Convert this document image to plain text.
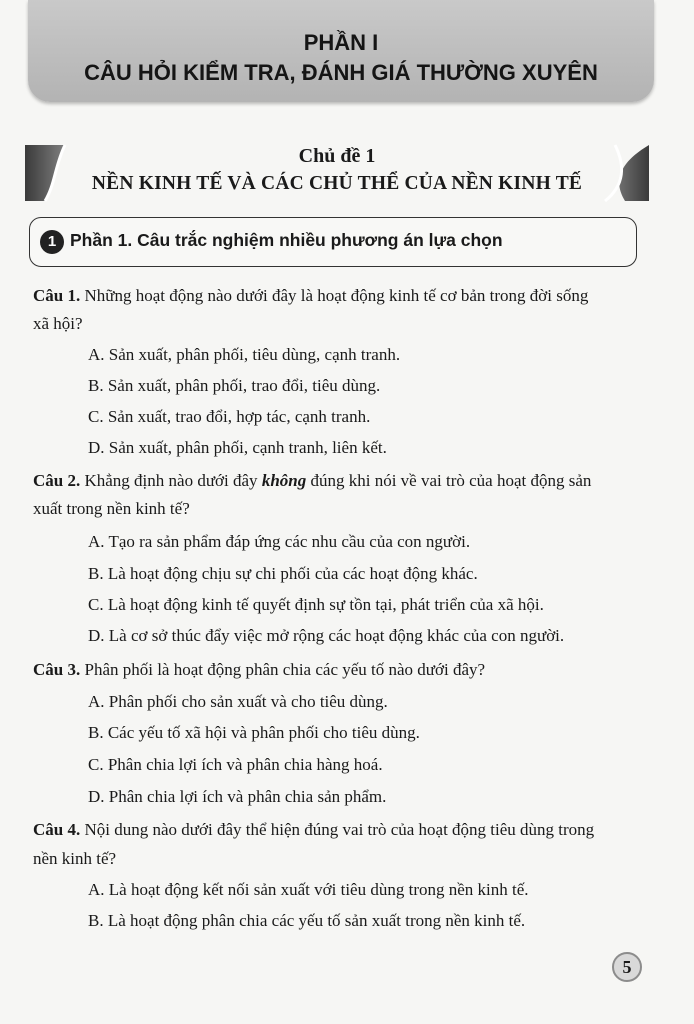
PHẦN I
CÂU HỎI KIỂM TRA, ĐÁNH GIÁ THƯỜNG XUYÊN
Chủ đề 1
NỀN KINH TẾ VÀ CÁC CHỦ THỂ CỦA NỀN KINH TẾ
1 Phần 1. Câu trắc nghiệm nhiều phương án lựa chọn
Câu 1. Những hoạt động nào dưới đây là hoạt động kinh tế cơ bản trong đời sống
xã hội?
A. Sản xuất, phân phối, tiêu dùng, cạnh tranh.
B. Sản xuất, phân phối, trao đổi, tiêu dùng.
C. Sản xuất, trao đổi, hợp tác, cạnh tranh.
D. Sản xuất, phân phối, cạnh tranh, liên kết.
Câu 2. Khẳng định nào dưới đây không đúng khi nói về vai trò của hoạt động sản
xuất trong nền kinh tế?
A. Tạo ra sản phẩm đáp ứng các nhu cầu của con người.
B. Là hoạt động chịu sự chi phối của các hoạt động khác.
C. Là hoạt động kinh tế quyết định sự tồn tại, phát triển của xã hội.
D. Là cơ sở thúc đẩy việc mở rộng các hoạt động khác của con người.
Câu 3. Phân phối là hoạt động phân chia các yếu tố nào dưới đây?
A. Phân phối cho sản xuất và cho tiêu dùng.
B. Các yếu tố xã hội và phân phối cho tiêu dùng.
C. Phân chia lợi ích và phân chia hàng hoá.
D. Phân chia lợi ích và phân chia sản phẩm.
Câu 4. Nội dung nào dưới đây thể hiện đúng vai trò của hoạt động tiêu dùng trong
nền kinh tế?
A. Là hoạt động kết nối sản xuất với tiêu dùng trong nền kinh tế.
B. Là hoạt động phân chia các yếu tố sản xuất trong nền kinh tế.
5
